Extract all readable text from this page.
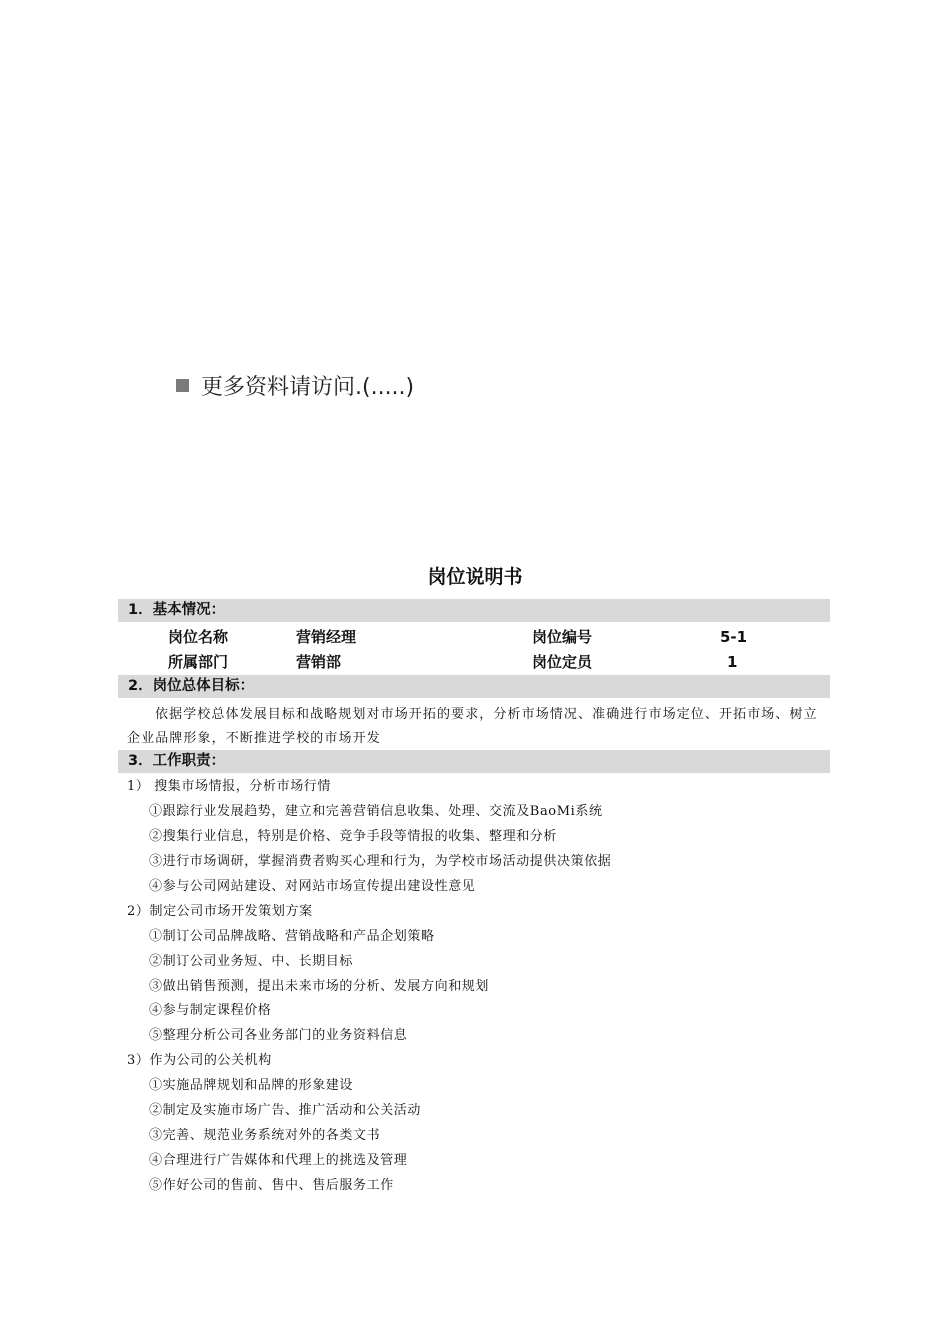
更多资料请访问.(.....)
岗位说明书
1．基本情况：
岗位名称	营销经理	岗位编号	5-1
所属部门	营销部	岗位定员	1
2．岗位总体目标：
依据学校总体发展目标和战略规划对市场开拓的要求，分析市场情况、准确进行市场定位、开拓市场、树立企业品牌形象，不断推进学校的市场开发
3．工作职责：
1） 搜集市场情报，分析市场行情
①跟踪行业发展趋势，建立和完善营销信息收集、处理、交流及BaoMi系统
②搜集行业信息，特别是价格、竞争手段等情报的收集、整理和分析
③进行市场调研，掌握消费者购买心理和行为，为学校市场活动提供决策依据
④参与公司网站建设、对网站市场宣传提出建设性意见
2）制定公司市场开发策划方案
①制订公司品牌战略、营销战略和产品企划策略
②制订公司业务短、中、长期目标
③做出销售预测，提出未来市场的分析、发展方向和规划
④参与制定课程价格
⑤整理分析公司各业务部门的业务资料信息
3）作为公司的公关机构
①实施品牌规划和品牌的形象建设
②制定及实施市场广告、推广活动和公关活动
③完善、规范业务系统对外的各类文书
④合理进行广告媒体和代理上的挑选及管理
⑤作好公司的售前、售中、售后服务工作
